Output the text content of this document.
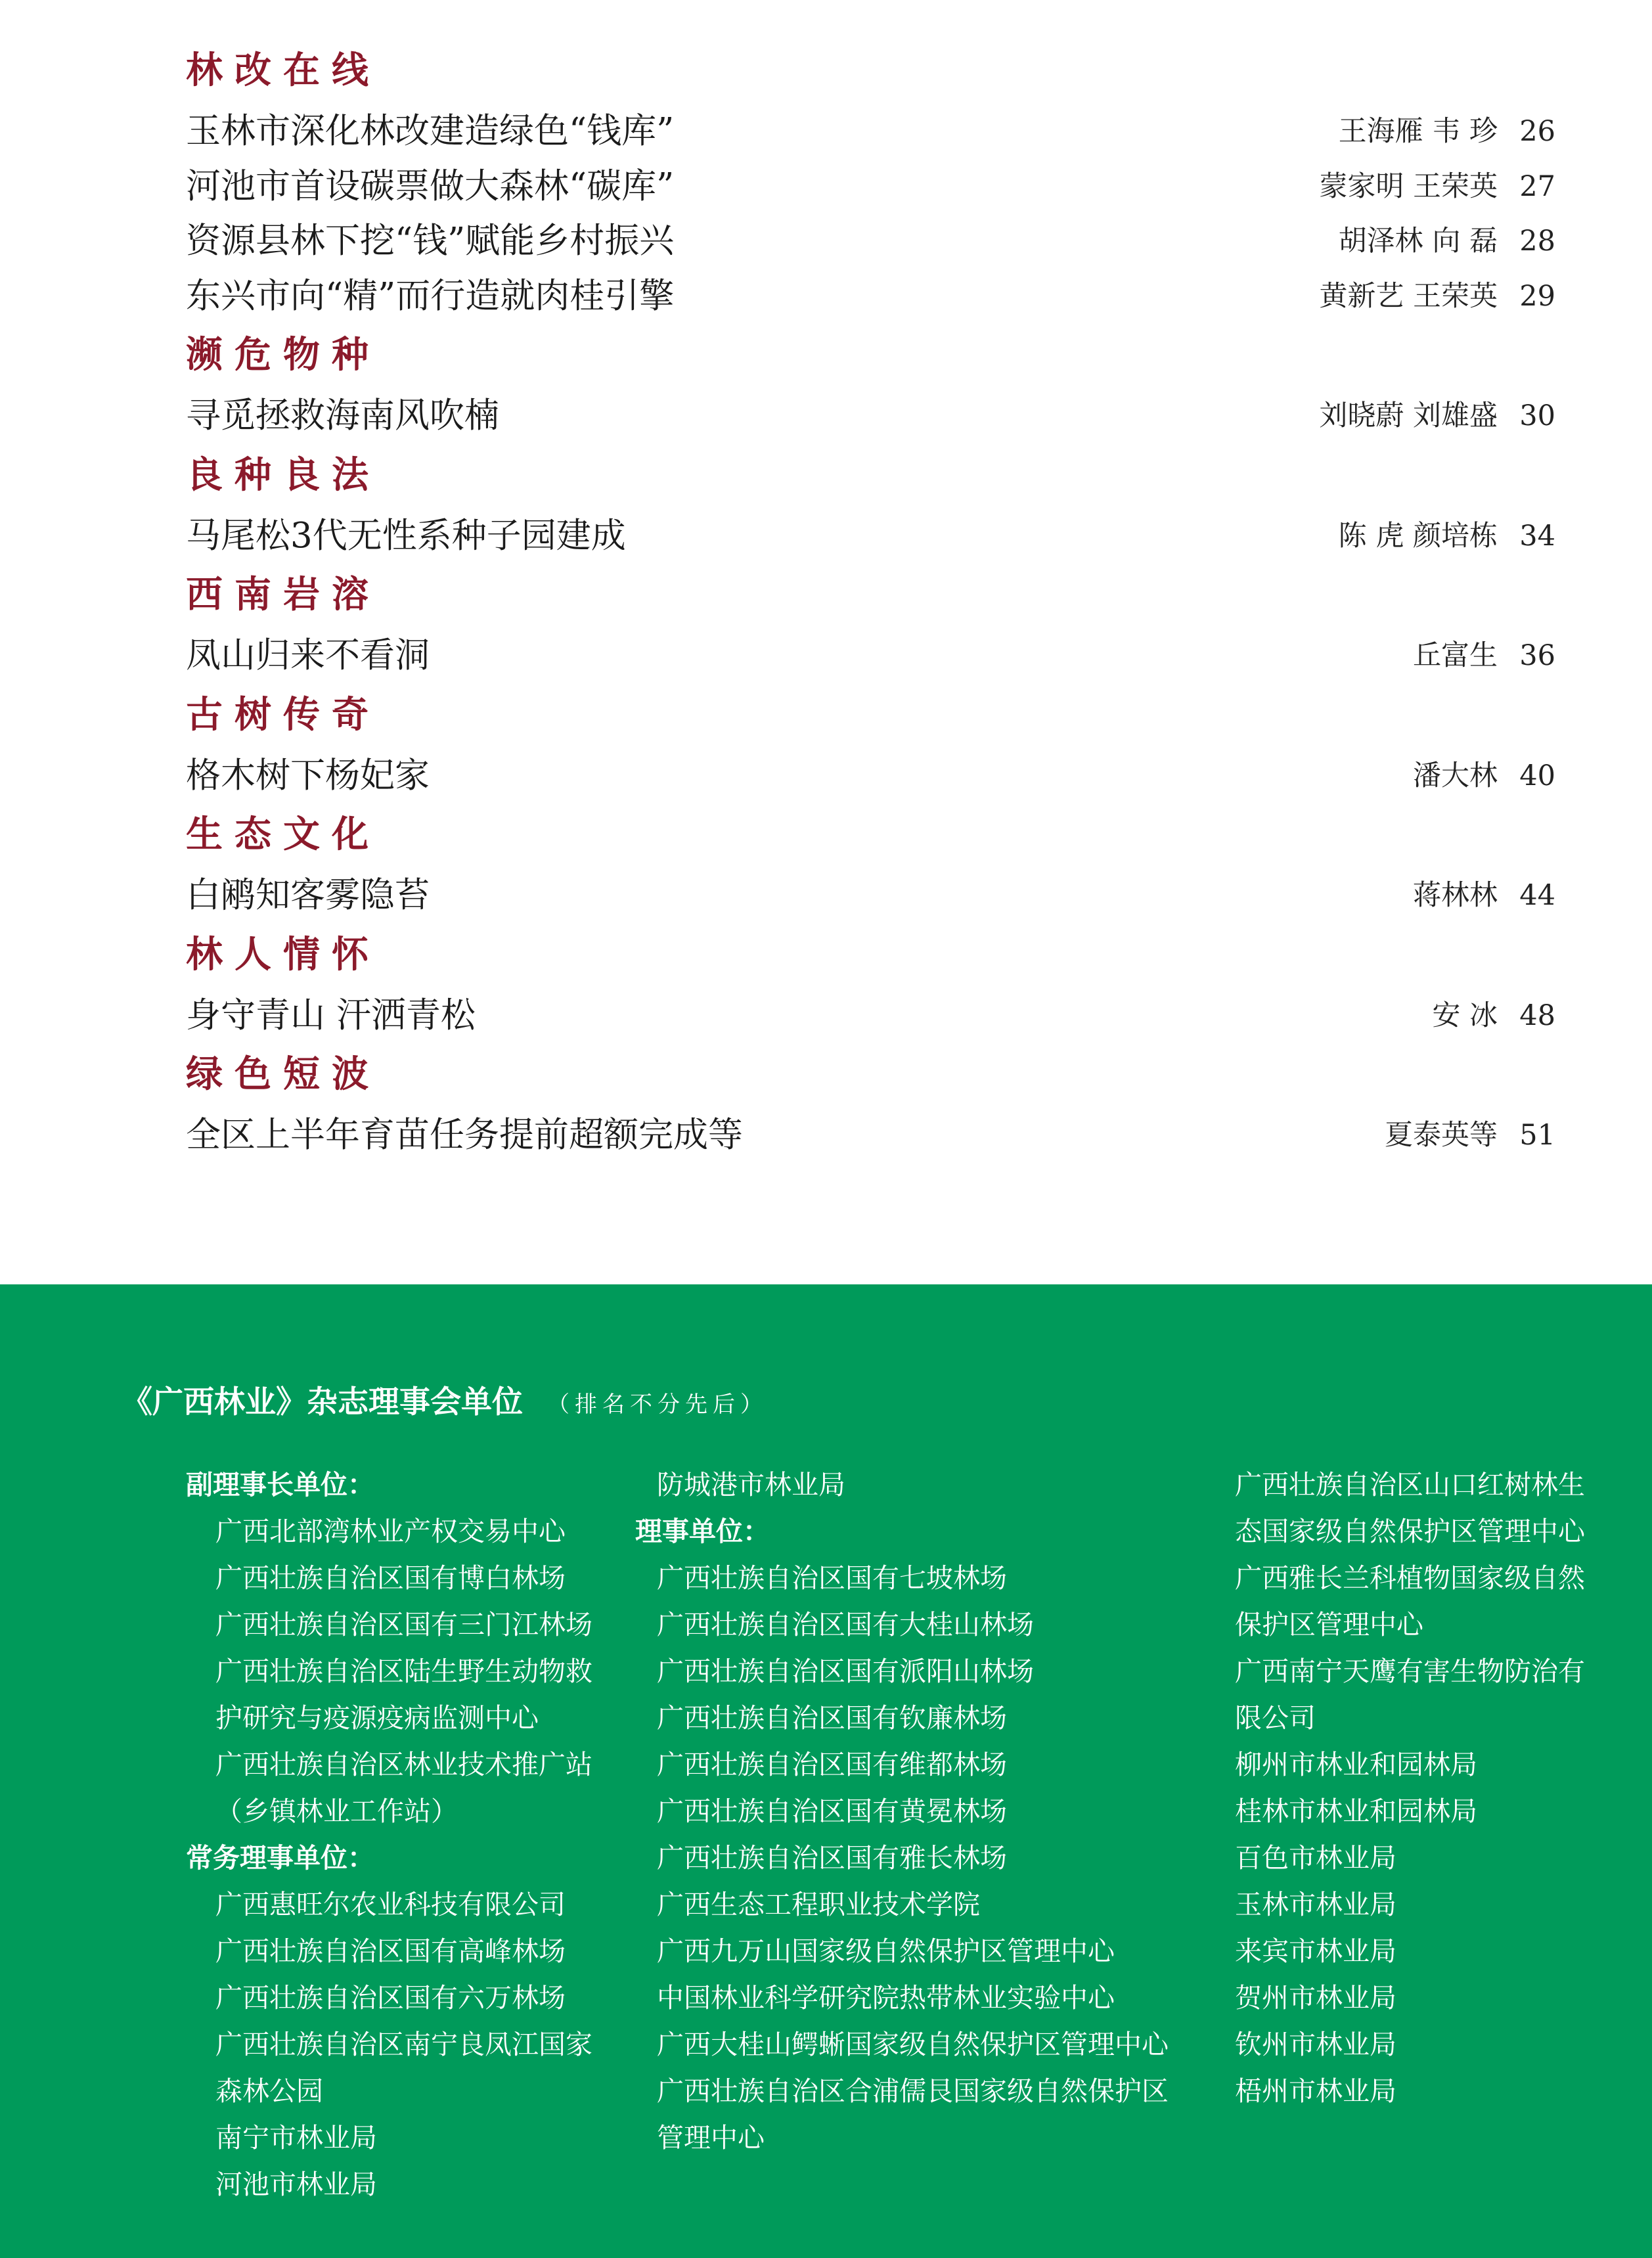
林改在线
玉林市深化林改建造绿色“钱库”	王海雁 韦 珍 26
河池市首设碳票做大森林“碳库”	蒙家明 王荣英 27
资源县林下挖“钱”赋能乡村振兴	胡泽林 向 磊 28
东兴市向“精”而行造就肉桂引擎	黄新艺 王荣英 29
濒危物种
寻觅拯救海南风吹楠	刘晓蔚 刘雄盛 30
良种良法
马尾松3代无性系种子园建成	陈 虎 颜培栋 34
西南岩溶
凤山归来不看洞	丘富生 36
古树传奇
格木树下杨妃家	潘大林 40
生态文化
白鹇知客雾隐苔	蒋林林 44
林人情怀
身守青山 汗洒青松	安 冰 48
绿色短波
全区上半年育苗任务提前超额完成等	夏泰英等 51
《广西林业》杂志理事会单位 （排名不分先后）
副理事长单位：
广西北部湾林业产权交易中心
广西壮族自治区国有博白林场
广西壮族自治区国有三门江林场
广西壮族自治区陆生野生动物救
护研究与疫源疫病监测中心
广西壮族自治区林业技术推广站
（乡镇林业工作站）
常务理事单位：
广西惠旺尔农业科技有限公司
广西壮族自治区国有高峰林场
广西壮族自治区国有六万林场
广西壮族自治区南宁良凤江国家
森林公园
南宁市林业局
河池市林业局
防城港市林业局
理事单位：
广西壮族自治区国有七坡林场
广西壮族自治区国有大桂山林场
广西壮族自治区国有派阳山林场
广西壮族自治区国有钦廉林场
广西壮族自治区国有维都林场
广西壮族自治区国有黄冕林场
广西壮族自治区国有雅长林场
广西生态工程职业技术学院
广西九万山国家级自然保护区管理中心
中国林业科学研究院热带林业实验中心
广西大桂山鳄蜥国家级自然保护区管理中心
广西壮族自治区合浦儒艮国家级自然保护区
管理中心
广西壮族自治区山口红树林生
态国家级自然保护区管理中心
广西雅长兰科植物国家级自然
保护区管理中心
广西南宁天鹰有害生物防治有
限公司
柳州市林业和园林局
桂林市林业和园林局
百色市林业局
玉林市林业局
来宾市林业局
贺州市林业局
钦州市林业局
梧州市林业局
